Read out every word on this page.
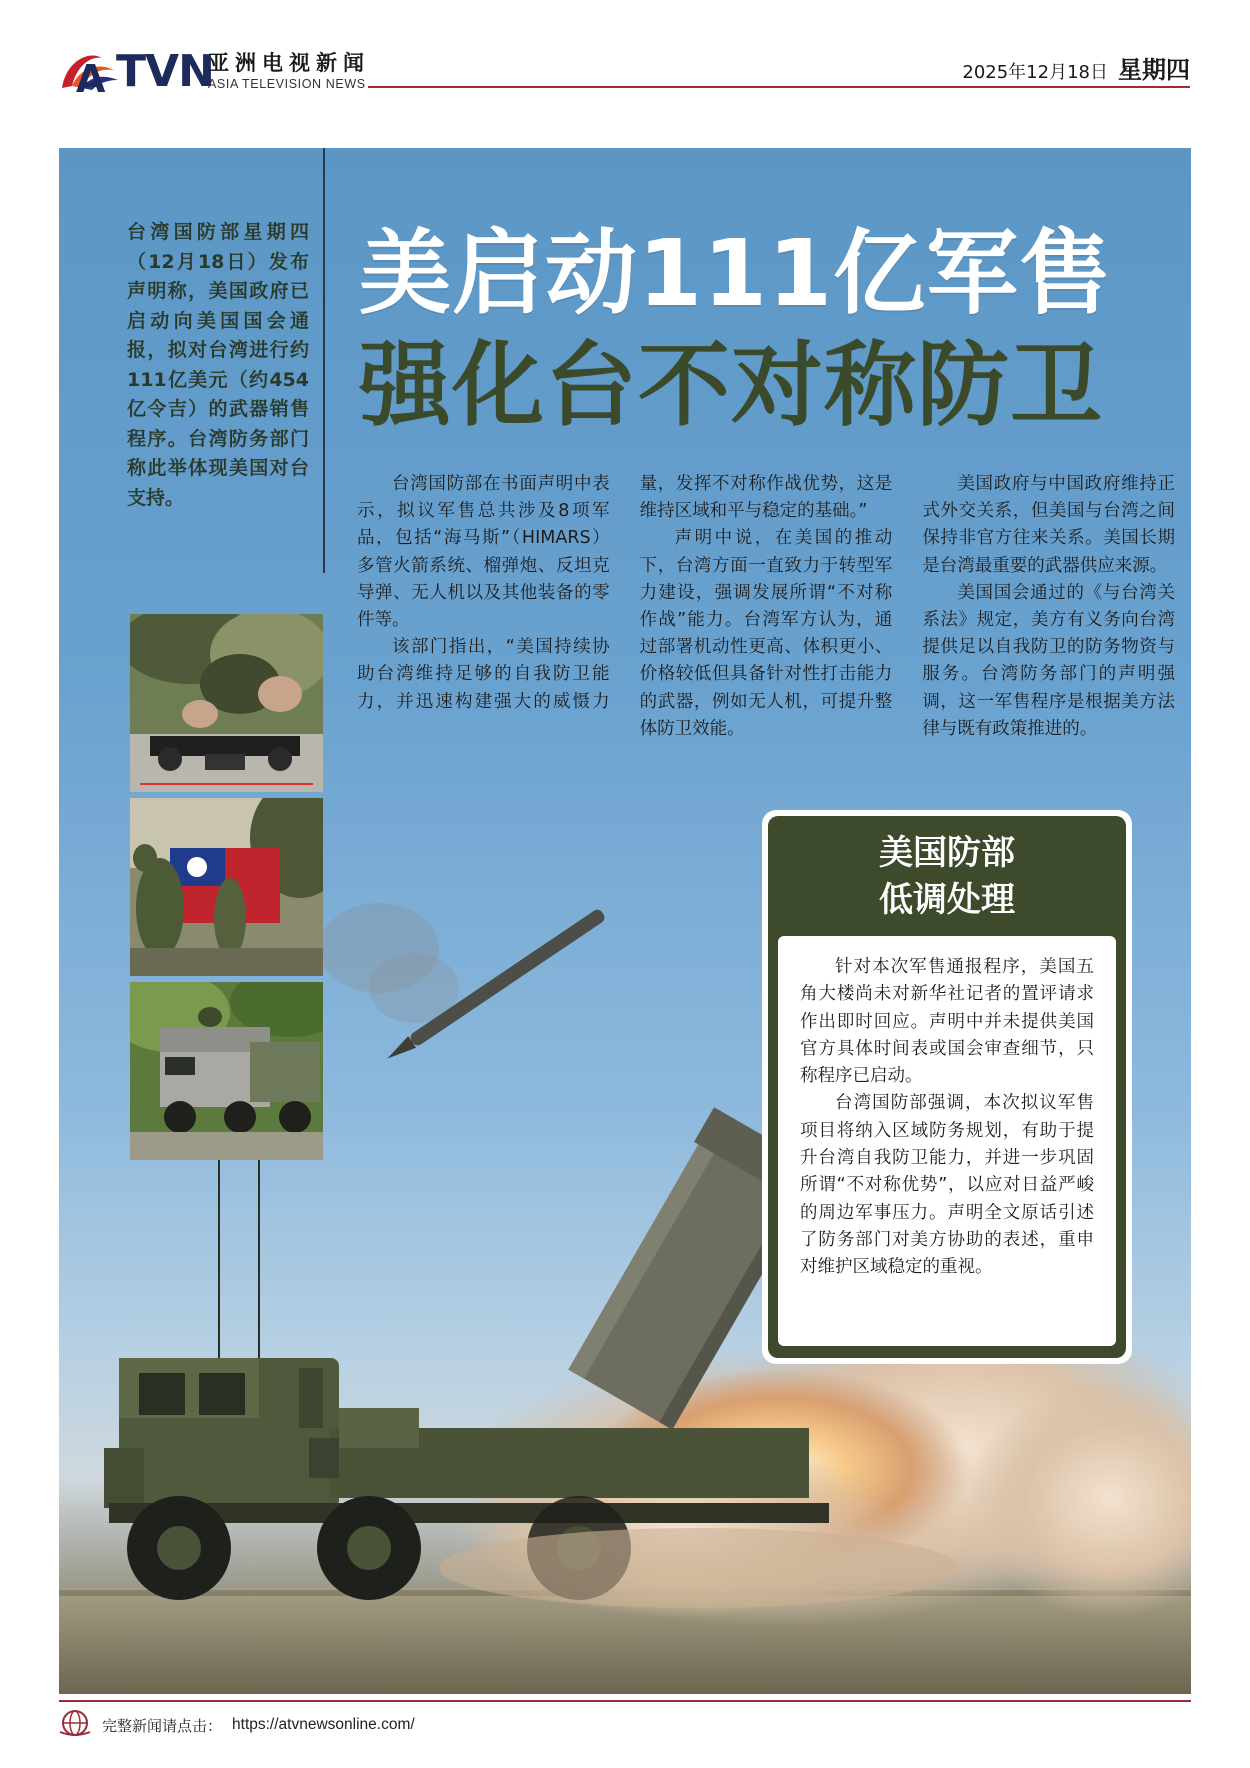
A TVN
亚洲电视新闻
ASIA TELEVISION NEWS
2025年12月18日 星期四

台湾国防部星期四（12月18日）发布声明称，美国政府已启动向美国国会通报，拟对台湾进行约111亿美元（约454亿令吉）的武器销售程序。台湾防务部门称此举体现美国对台支持。

美启动111亿军售
强化台不对称防卫

台湾国防部在书面声明中表示，拟议军售总共涉及8项军品，包括“海马斯”（HIMARS）多管火箭系统、榴弹炮、反坦克导弹、无人机以及其他装备的零件等。

该部门指出，“美国持续协助台湾维持足够的自我防卫能力，并迅速构建强大的威慑力量，发挥不对称作战优势，这是维持区域和平与稳定的基础。”

声明中说，在美国的推动下，台湾方面一直致力于转型军力建设，强调发展所谓“不对称作战”能力。台湾军方认为，通过部署机动性更高、体积更小、价格较低但具备针对性打击能力的武器，例如无人机，可提升整体防卫效能。

美国政府与中国政府维持正式外交关系，但美国与台湾之间保持非官方往来关系。美国长期是台湾最重要的武器供应来源。

美国国会通过的《与台湾关系法》规定，美方有义务向台湾提供足以自我防卫的防务物资与服务。台湾防务部门的声明强调，这一军售程序是根据美方法律与既有政策推进的。

美国防部
低调处理

针对本次军售通报程序，美国五角大楼尚未对新华社记者的置评请求作出即时回应。声明中并未提供美国官方具体时间表或国会审查细节，只称程序已启动。

台湾国防部强调，本次拟议军售项目将纳入区域防务规划，有助于提升台湾自我防卫能力，并进一步巩固所谓“不对称优势”，以应对日益严峻的周边军事压力。声明全文原话引述了防务部门对美方协助的表述，重申对维护区域稳定的重视。

完整新闻请点击： https://atvnewsonline.com/
